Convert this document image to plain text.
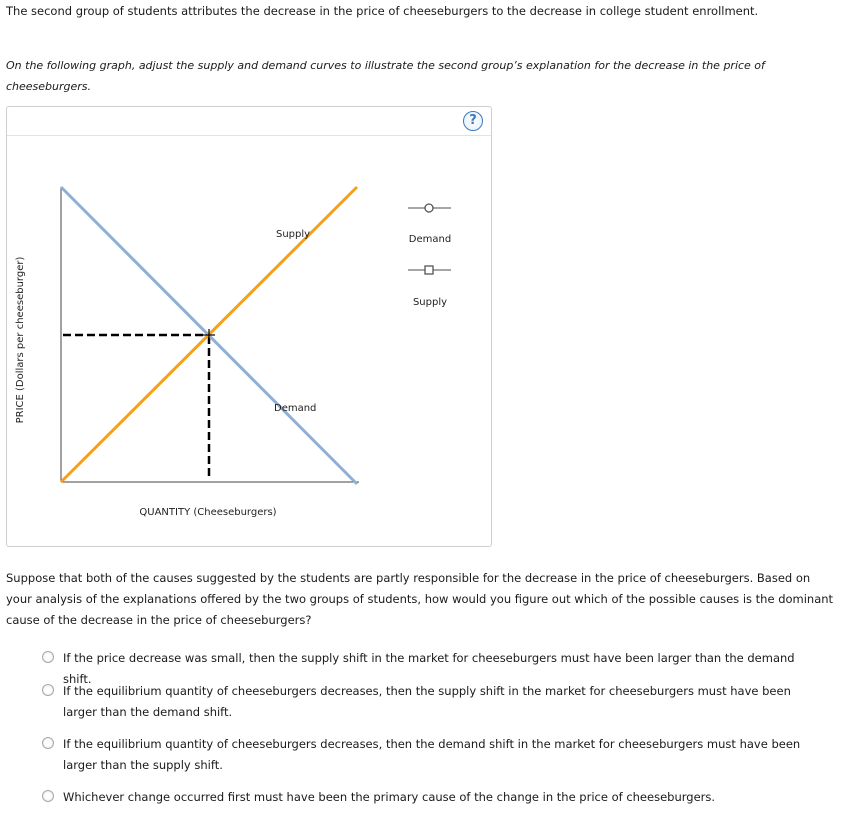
The second group of students attributes the decrease in the price of cheeseburgers to the decrease in college student enrollment.

On the following graph, adjust the supply and demand curves to illustrate the second group’s explanation for the decrease in the price of cheeseburgers.

?
Supply
Demand
PRICE (Dollars per cheeseburger)
QUANTITY (Cheeseburgers)
Demand
Supply

Suppose that both of the causes suggested by the students are partly responsible for the decrease in the price of cheeseburgers. Based on your analysis of the explanations offered by the two groups of students, how would you figure out which of the possible causes is the dominant cause of the decrease in the price of cheeseburgers?

If the price decrease was small, then the supply shift in the market for cheeseburgers must have been larger than the demand shift.
If the equilibrium quantity of cheeseburgers decreases, then the supply shift in the market for cheeseburgers must have been larger than the demand shift.
If the equilibrium quantity of cheeseburgers decreases, then the demand shift in the market for cheeseburgers must have been larger than the supply shift.
Whichever change occurred first must have been the primary cause of the change in the price of cheeseburgers.
